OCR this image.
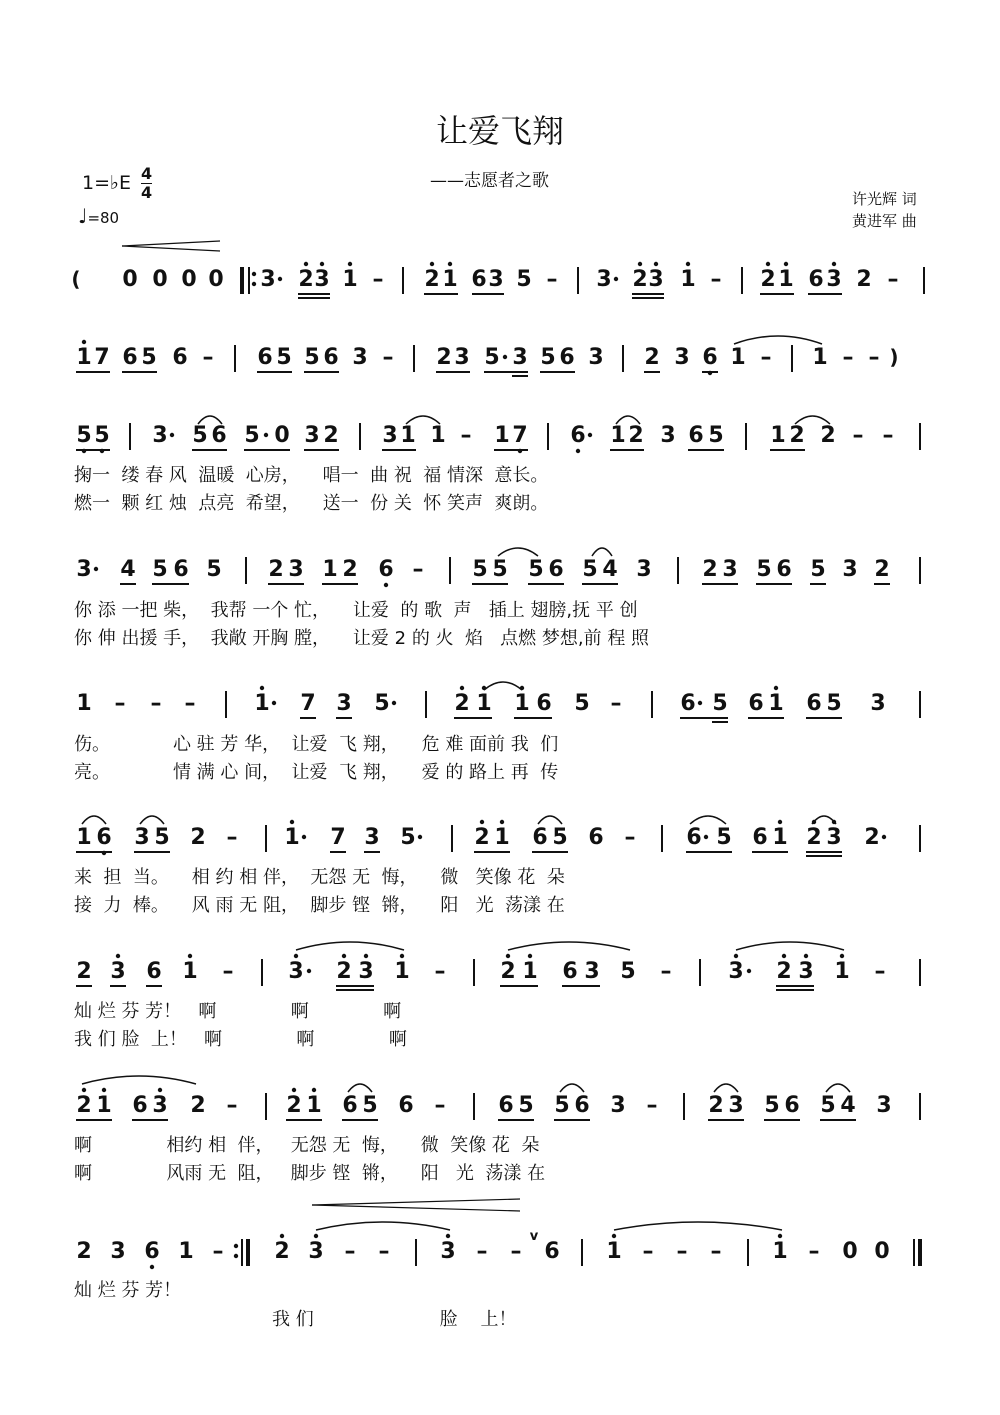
让爱飞翔
——志愿者之歌
许光辉 词
黄进军 曲
1=♭E $\frac{4}{4}$
♩=80
( 0 0 0 0 3 2 3 1 – 2 1 6 3 5 – 3 2 3 1 – 2 1 6 3 2 –
1 7 6 5 6 – 6 5 5 6 3 – 2 3 5 3 5 6 3 2 3 6 1 – 1 – – )
5 5 3 5 6 5 0 3 2 3 1 1 – 1 7 6 1 2 3 6 5 1 2 2 – –
3 4 5 6 5 2 3 1 2 6 – 5 5 5 6 5 4 3 2 3 5 6 5 3 2
1 – – –	1 7 3 5	2 1 1 6 5 –	6 5 6 1 6 5 3
1 6 3 5 2 – 1 7 3 5	2 1 6 5 6 – 6 5 6 1 2 3 2
2 3 6 1 – 3 2 3 1 – 2 1 6 3 5 –	3 2 3 1 –
2 1 6 3 2 – 2 1 6 5 6 – 6 5 5 6 3 – 2 3 5 6 5 4 3
2 3 6 1 – 2 3 – – 3 – – 6 1 – – – 1 – 0 0
v
掬一  缕 春 风  温暖  心房，    唱一  曲 祝  福 情深  意长。
燃一  颗 红 烛  点亮  希望，    送一  份 关  怀 笑声  爽朗。
你 添 一把 柴，  我帮 一个 忙，    让爱  的 歌  声   插上 翅膀,抚 平 创
你 伸 出援 手，  我敞 开胸 膛，    让爱 2 的 火  焰   点燃 梦想,前 程 照
伤。           心 驻 芳 华，  让爱  飞 翔，    危 难 面前 我  们
亮。           情 满 心 间，  让爱  飞 翔，    爱 的 路上 再  传
来  担  当。    相 约 相 伴，  无怨 无  悔，    微   笑像 花  朵
接  力  棒。    风 雨 无 阻，  脚步 铿  锵，    阳   光  荡漾 在
灿 烂 芬 芳！   啊             啊             啊
我 们 脸  上！   啊             啊             啊
啊             相约 相  伴，   无怨 无  悔，    微  笑像 花  朵
啊             风雨 无  阻，   脚步 铿  锵，    阳   光  荡漾 在
灿 烂 芬 芳！
我 们                      脸    上！
